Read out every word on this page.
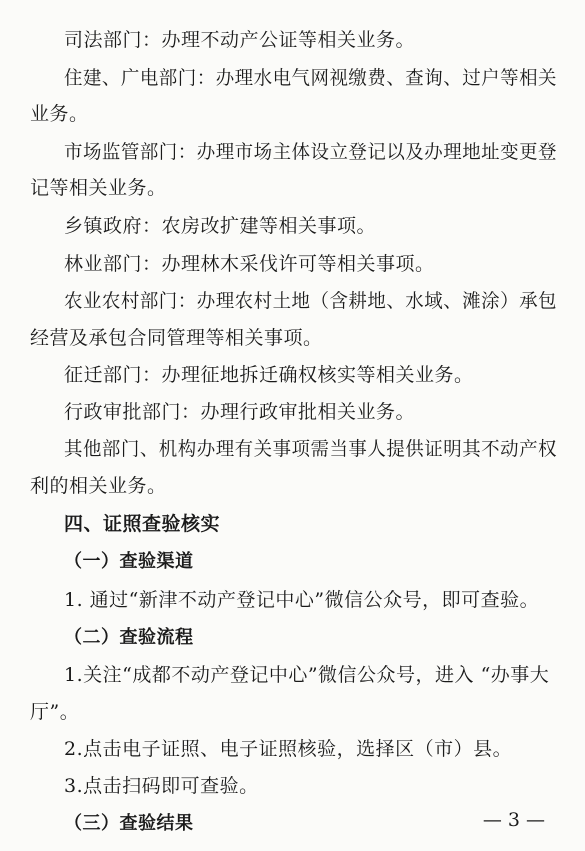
司法部门：办理不动产公证等相关业务。
住建、广电部门：办理水电气网视缴费、查询、过户等相关
业务。
市场监管部门：办理市场主体设立登记以及办理地址变更登
记等相关业务。
乡镇政府：农房改扩建等相关事项。
林业部门：办理林木采伐许可等相关事项。
农业农村部门：办理农村土地（含耕地、水域、滩涂）承包
经营及承包合同管理等相关事项。
征迁部门：办理征地拆迁确权核实等相关业务。
行政审批部门：办理行政审批相关业务。
其他部门、机构办理有关事项需当事人提供证明其不动产权
利的相关业务。
四、证照查验核实
（一）查验渠道
1. 通过“新津不动产登记中心”微信公众号，即可查验。
（二）查验流程
1.关注“成都不动产登记中心”微信公众号，进入 “办事大
厅”。
2.点击电子证照、电子证照核验，选择区（市）县。
3.点击扫码即可查验。
（三）查验结果	— 3 —
